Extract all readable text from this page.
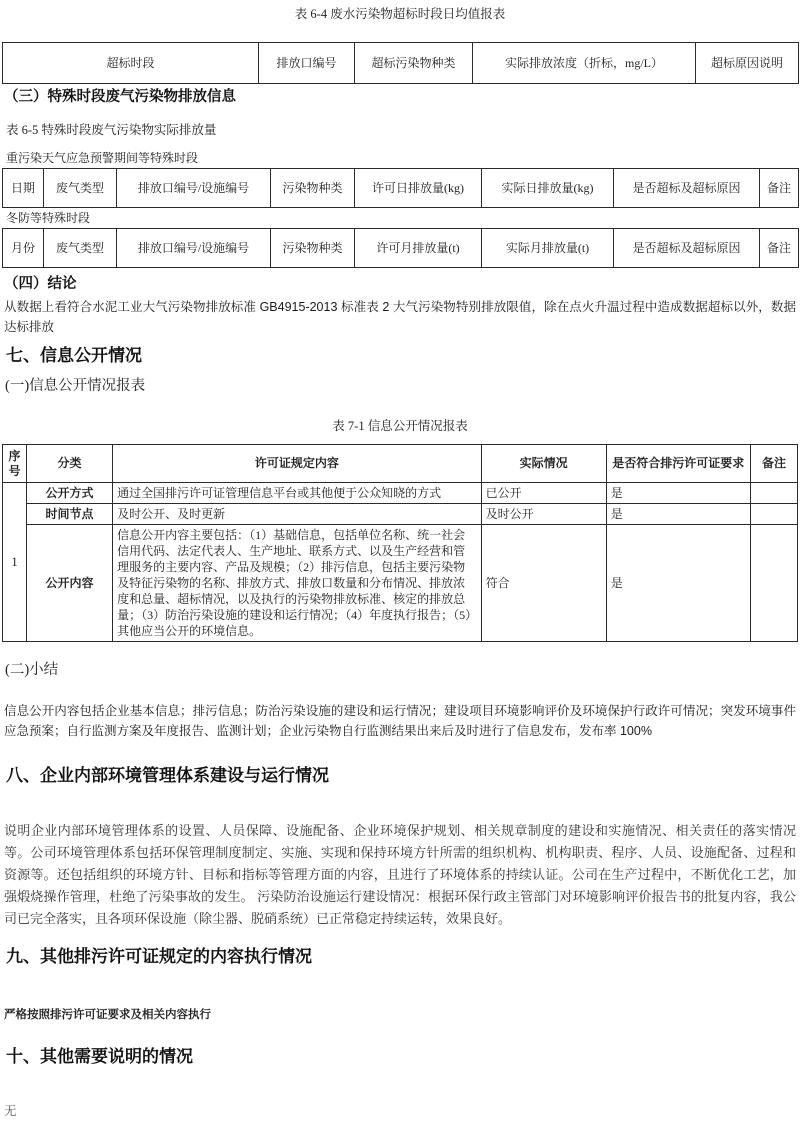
表 6-4 废水污染物超标时段日均值报表
超标时段	排放口编号	超标污染物种类	实际排放浓度（折标，mg/L）	超标原因说明
（三）特殊时段废气污染物排放信息
表 6-5 特殊时段废气污染物实际排放量
重污染天气应急预警期间等特殊时段
日期	废气类型	排放口编号/设施编号	污染物种类	许可日排放量(kg)	实际日排放量(kg)	是否超标及超标原因	备注
冬防等特殊时段
月份	废气类型	排放口编号/设施编号	污染物种类	许可月排放量(t)	实际月排放量(t)	是否超标及超标原因	备注
（四）结论

从数据上看符合水泥工业大气污染物排放标准 GB4915-2013 标准表 2 大气污染物特别排放限值，除在点火升温过程中造成数据超标以外，数据达标排放

七、信息公开情况
(一)信息公开情况报表
表 7-1 信息公开情况报表
序号	分类	许可证规定内容	实际情况	是否符合排污许可证要求	备注
1	公开方式	通过全国排污许可证管理信息平台或其他便于公众知晓的方式	已公开	是	
	时间节点	及时公开、及时更新	及时公开	是	
	公开内容	信息公开内容主要包括：（1）基础信息，包括单位名称、统一社会信用代码、法定代表人、生产地址、联系方式、以及生产经营和管理服务的主要内容、产品及规模；（2）排污信息，包括主要污染物及特征污染物的名称、排放方式、排放口数量和分布情况、排放浓度和总量、超标情况，以及执行的污染物排放标准、核定的排放总量；（3）防治污染设施的建设和运行情况；（4）年度执行报告；（5）其他应当公开的环境信息。	符合	是	
(二)小结

信息公开内容包括企业基本信息；排污信息；防治污染设施的建设和运行情况；建设项目环境影响评价及环境保护行政许可情况；突发环境事件应急预案；自行监测方案及年度报告、监测计划；企业污染物自行监测结果出来后及时进行了信息发布，发布率 100%

八、企业内部环境管理体系建设与运行情况

说明企业内部环境管理体系的设置、人员保障、设施配备、企业环境保护规划、相关规章制度的建设和实施情况、相关责任的落实情况等。公司环境管理体系包括环保管理制度制定、实施、实现和保持环境方针所需的组织机构、机构职责、程序、人员、设施配备、过程和资源等。还包括组织的环境方针、目标和指标等管理方面的内容，且进行了环境体系的持续认证。公司在生产过程中，不断优化工艺，加强煅烧操作管理，杜绝了污染事故的发生。 污染防治设施运行建设情况：根据环保行政主管部门对环境影响评价报告书的批复内容，我公司已完全落实，且各项环保设施（除尘器、脱硝系统）已正常稳定持续运转，效果良好。

九、其他排污许可证规定的内容执行情况

严格按照排污许可证要求及相关内容执行

十、其他需要说明的情况

无
